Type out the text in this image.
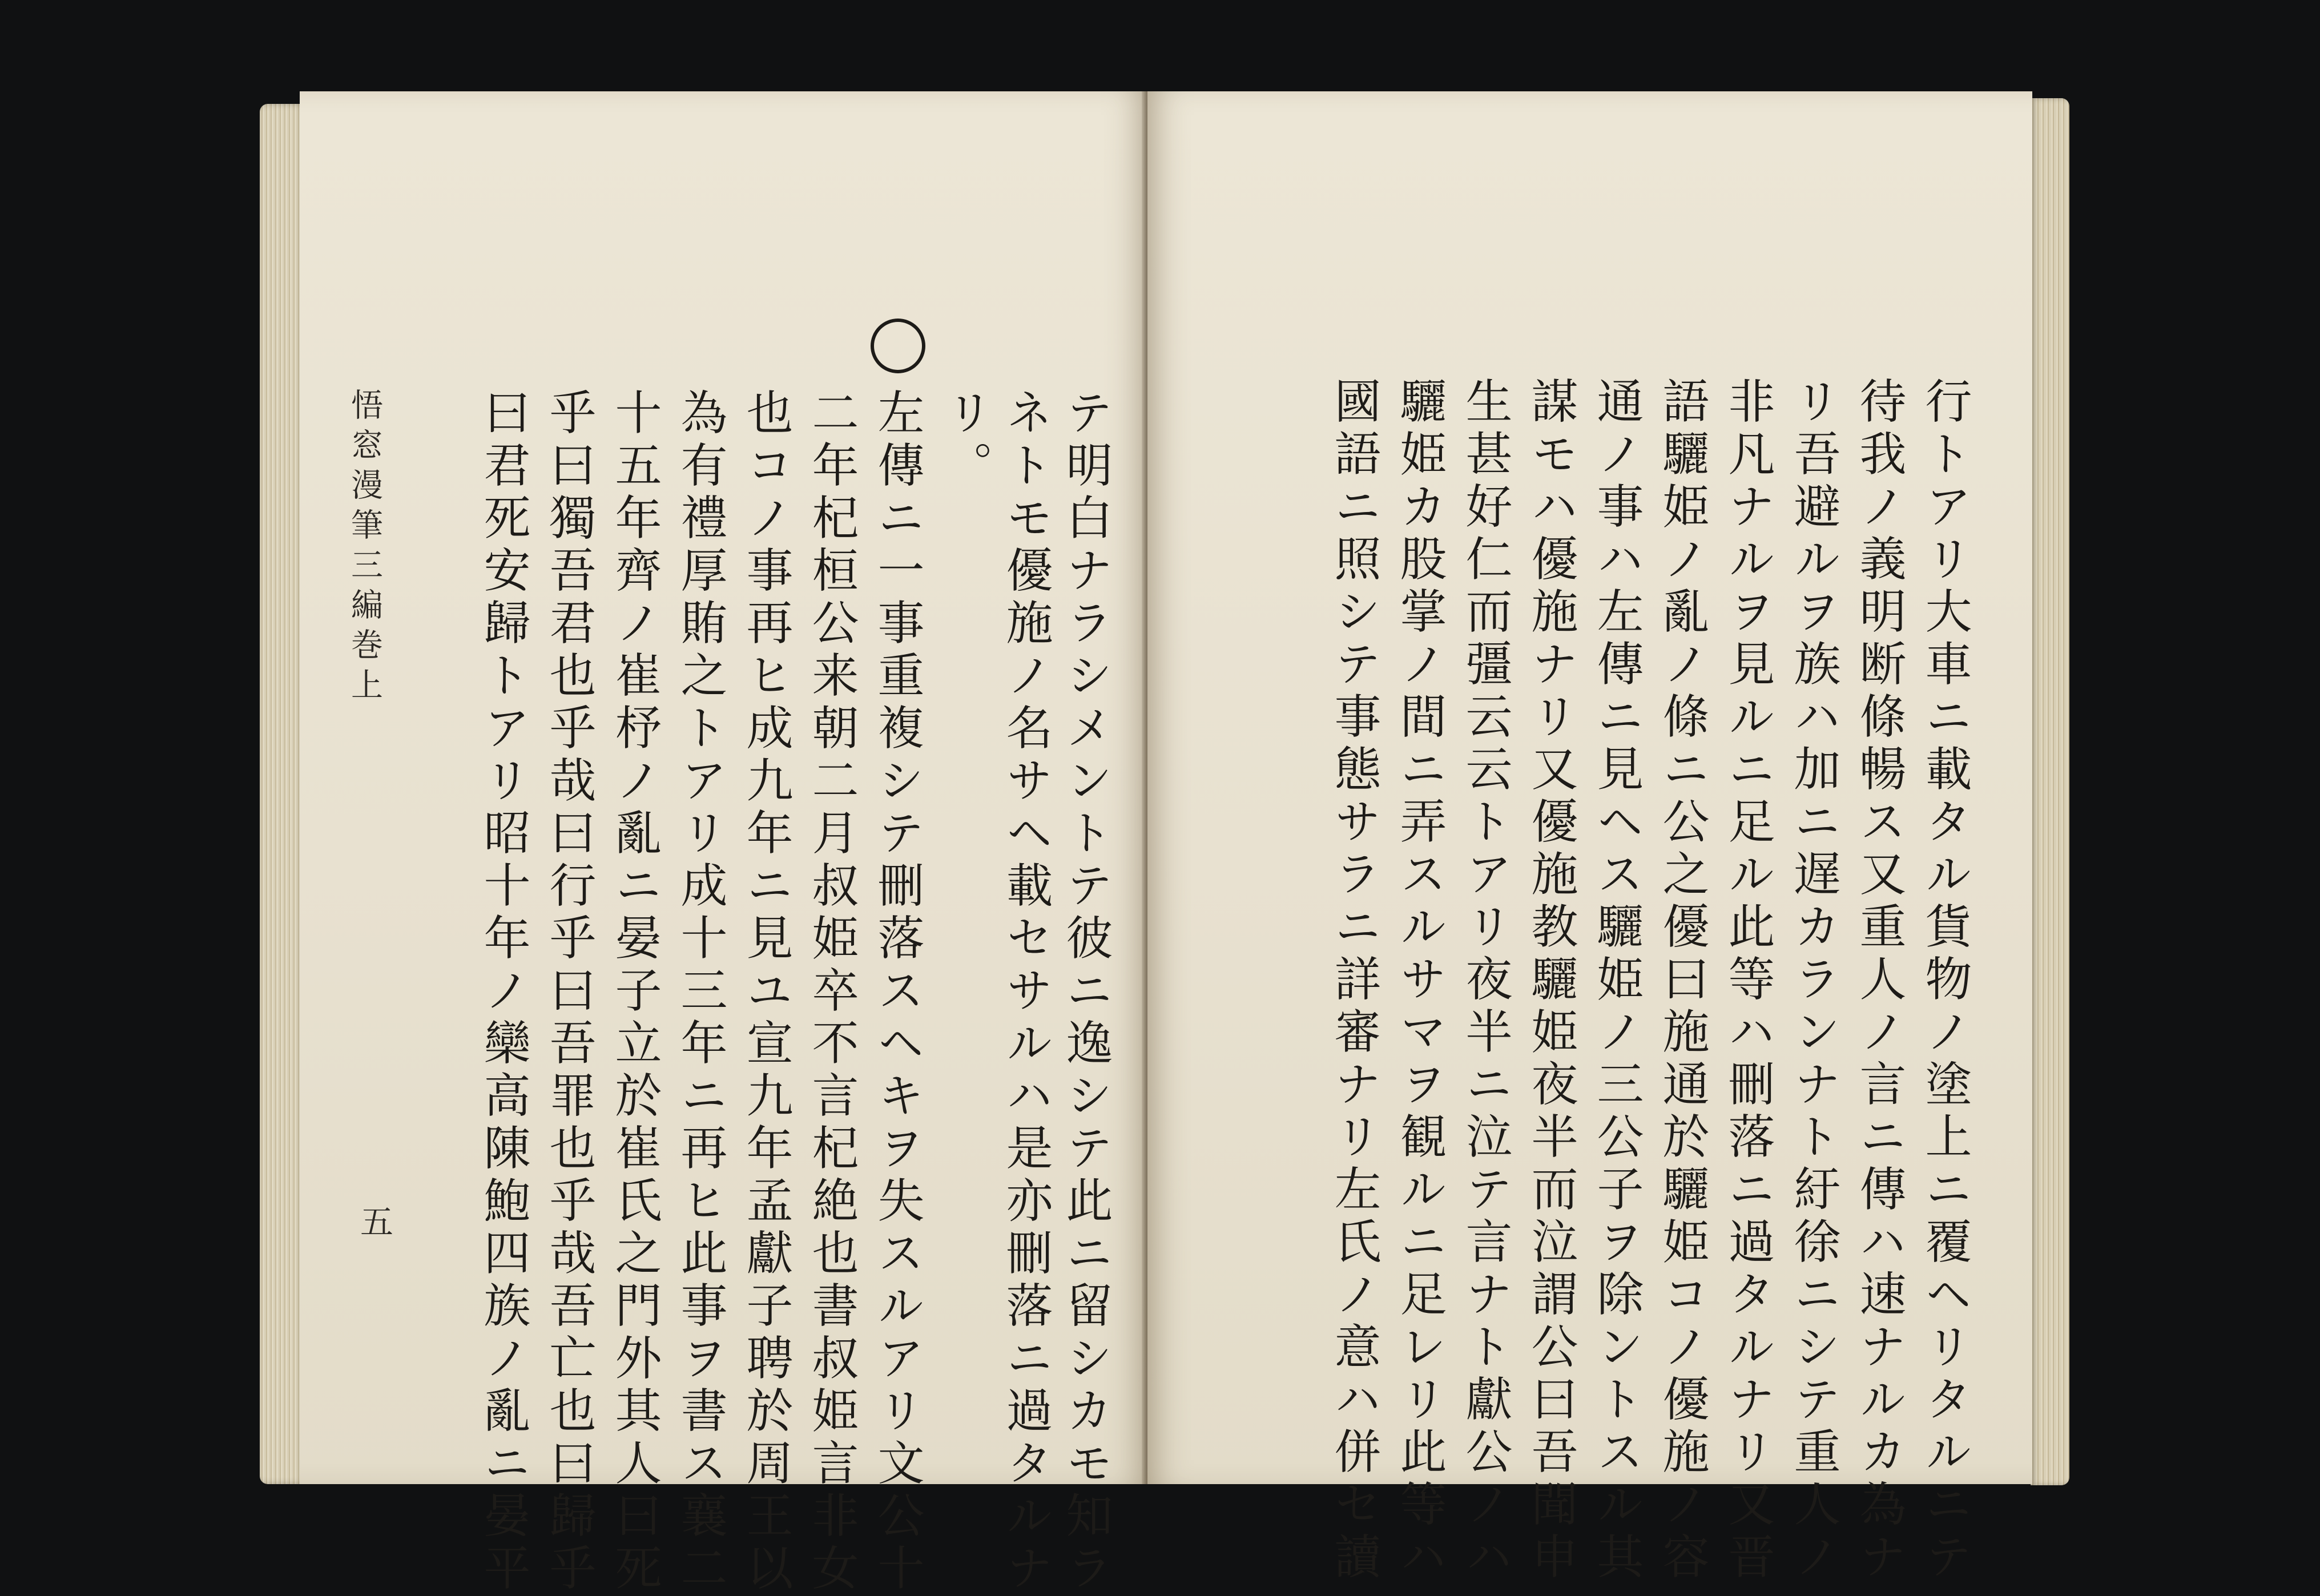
テ明白ナラシメントテ彼ニ逸シテ此ニ留シカモ知ラ
ネトモ優施ノ名サヘ載セサルハ是亦刪落ニ過タルナ
リ。
左傳ニ一事重複シテ刪落スヘキヲ失スルアリ文公十
二年杞桓公来朝二月叔姫卒不言杞絶也書叔姫言非女
也コノ事再ヒ成九年ニ見ユ宣九年孟獻子聘於周王以
為有禮厚賄之トアリ成十三年ニ再ヒ此事ヲ書ス襄二
十五年齊ノ崔杼ノ亂ニ晏子立於崔氏之門外其人曰死
乎曰獨吾君也乎哉曰行乎曰吾罪也乎哉吾亡也曰歸乎
曰君死安歸トアリ昭十年ノ欒高陳鮑四族ノ亂ニ晏平
悟窓漫筆三編巻上
五	行トアリ大車ニ載タル貨物ノ塗上ニ覆ヘリタルニテ
待我ノ義明断條暢ス又重人ノ言ニ傳ハ速ナルカ為ナ
リ吾避ルヲ族ハ加ニ遅カランナト紆徐ニシテ重人ノ
非凡ナルヲ見ルニ足ル此等ハ刪落ニ過タルナリ又晋
語驪姫ノ亂ノ條ニ公之優曰施通於驪姫コノ優施ノ容
通ノ事ハ左傳ニ見ヘス驪姫ノ三公子ヲ除ントスル其
謀モハ優施ナリ又優施教驪姫夜半而泣謂公曰吾聞申
生甚好仁而彊云云トアリ夜半ニ泣テ言ナト獻公ノハ
驪姫カ股掌ノ間ニ弄スルサマヲ観ルニ足レリ此等ハ
國語ニ照シテ事態サラニ詳審ナリ左氏ノ意ハ併セ讀
